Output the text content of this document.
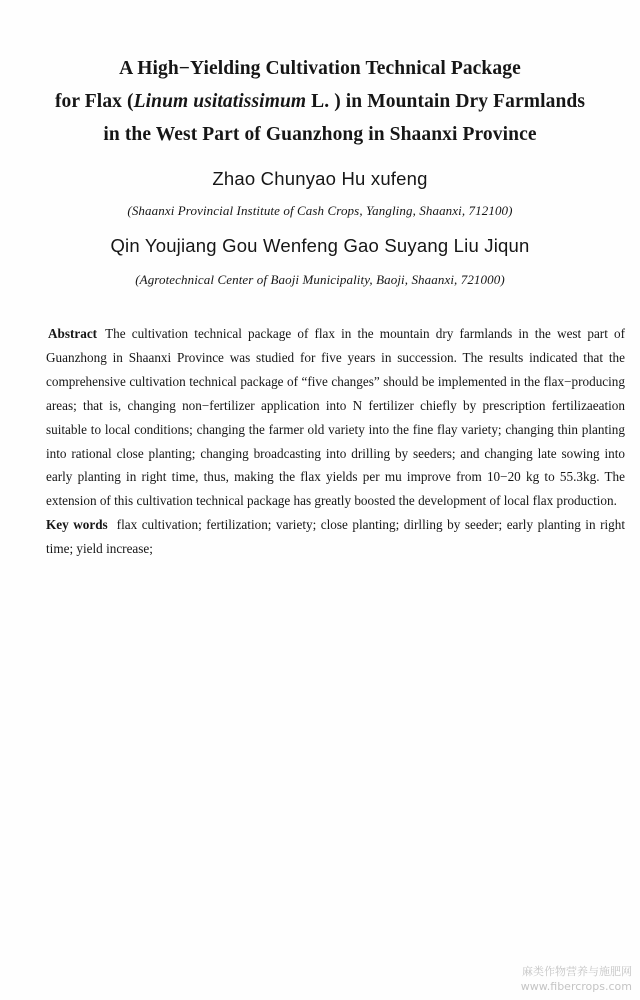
A High−Yielding Cultivation Technical Package
for Flax (Linum usitatissimum L. ) in Mountain Dry Farmlands
in the West Part of Guanzhong in Shaanxi Province
Zhao Chunyao Hu xufeng
(Shaanxi Provincial Institute of Cash Crops, Yangling, Shaanxi, 712100)
Qin Youjiang Gou Wenfeng Gao Suyang Liu Jiqun
(Agrotechnical Center of Baoji Municipality, Baoji, Shaanxi, 721000)
Abstract The cultivation technical package of flax in the mountain dry farmlands in the west part of Guanzhong in Shaanxi Province was studied for five years in succession. The results indicated that the comprehensive cultivation technical package of “five changes” should be implemented in the flax−producing areas; that is, changing non−fertilizer application into N fertilizer chiefly by prescription fertilizaeation suitable to local conditions; changing the farmer old variety into the fine flay variety; changing thin planting into rational close planting; changing broadcasting into drilling by seeders; and changing late sowing into early planting in right time, thus, making the flax yields per mu improve from 10−20 kg to 55.3kg. The extension of this cultivation technical package has greatly boosted the development of local flax production.
Key words flax cultivation; fertilization; variety; close planting; dirlling by seeder; early planting in right time; yield increase;
麻类作物营养与施肥网
www.fibercrops.com
